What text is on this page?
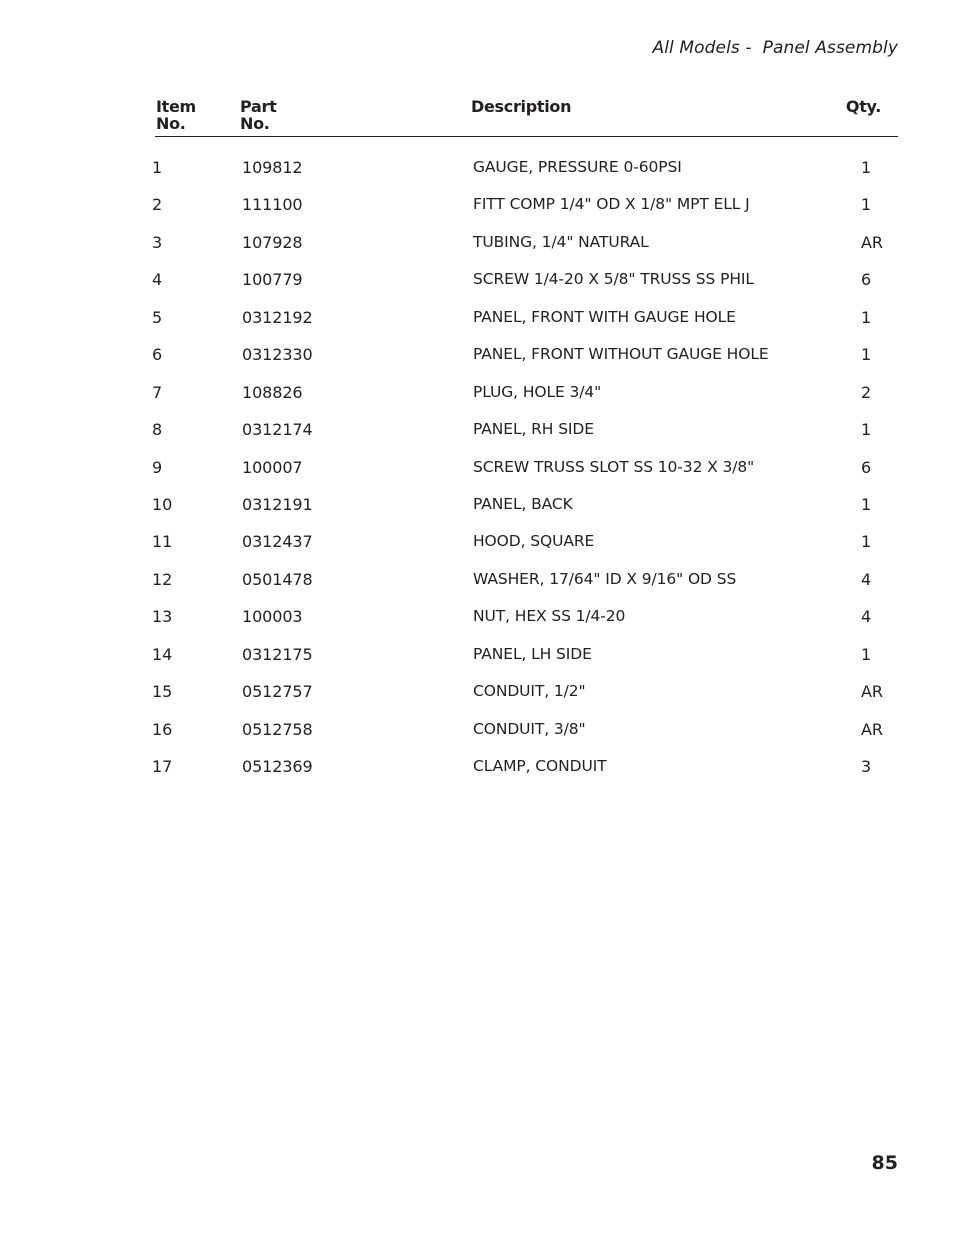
All Models -  Panel Assembly
Item
No.
Part
No.
Description	Qty.
1	109812	GAUGE, PRESSURE 0-60PSI	1
2	111100	FITT COMP 1/4" OD X 1/8" MPT ELL J	1
3	107928	TUBING, 1/4" NATURAL	AR
4	100779	SCREW 1/4-20 X 5/8" TRUSS SS PHIL	6
5	0312192	PANEL, FRONT WITH GAUGE HOLE	1
6	0312330	PANEL, FRONT WITHOUT GAUGE HOLE	1
7	108826	PLUG, HOLE 3/4"	2
8	0312174	PANEL, RH SIDE	1
9	100007	SCREW TRUSS SLOT SS 10-32 X 3/8"	6
10	0312191	PANEL, BACK	1
11	0312437	HOOD, SQUARE	1
12	0501478	WASHER, 17/64" ID X 9/16" OD SS	4
13	100003	NUT, HEX SS 1/4-20	4
14	0312175	PANEL, LH SIDE	1
15	0512757	CONDUIT, 1/2"	AR
16	0512758	CONDUIT, 3/8"	AR
17	0512369	CLAMP, CONDUIT	3
85
